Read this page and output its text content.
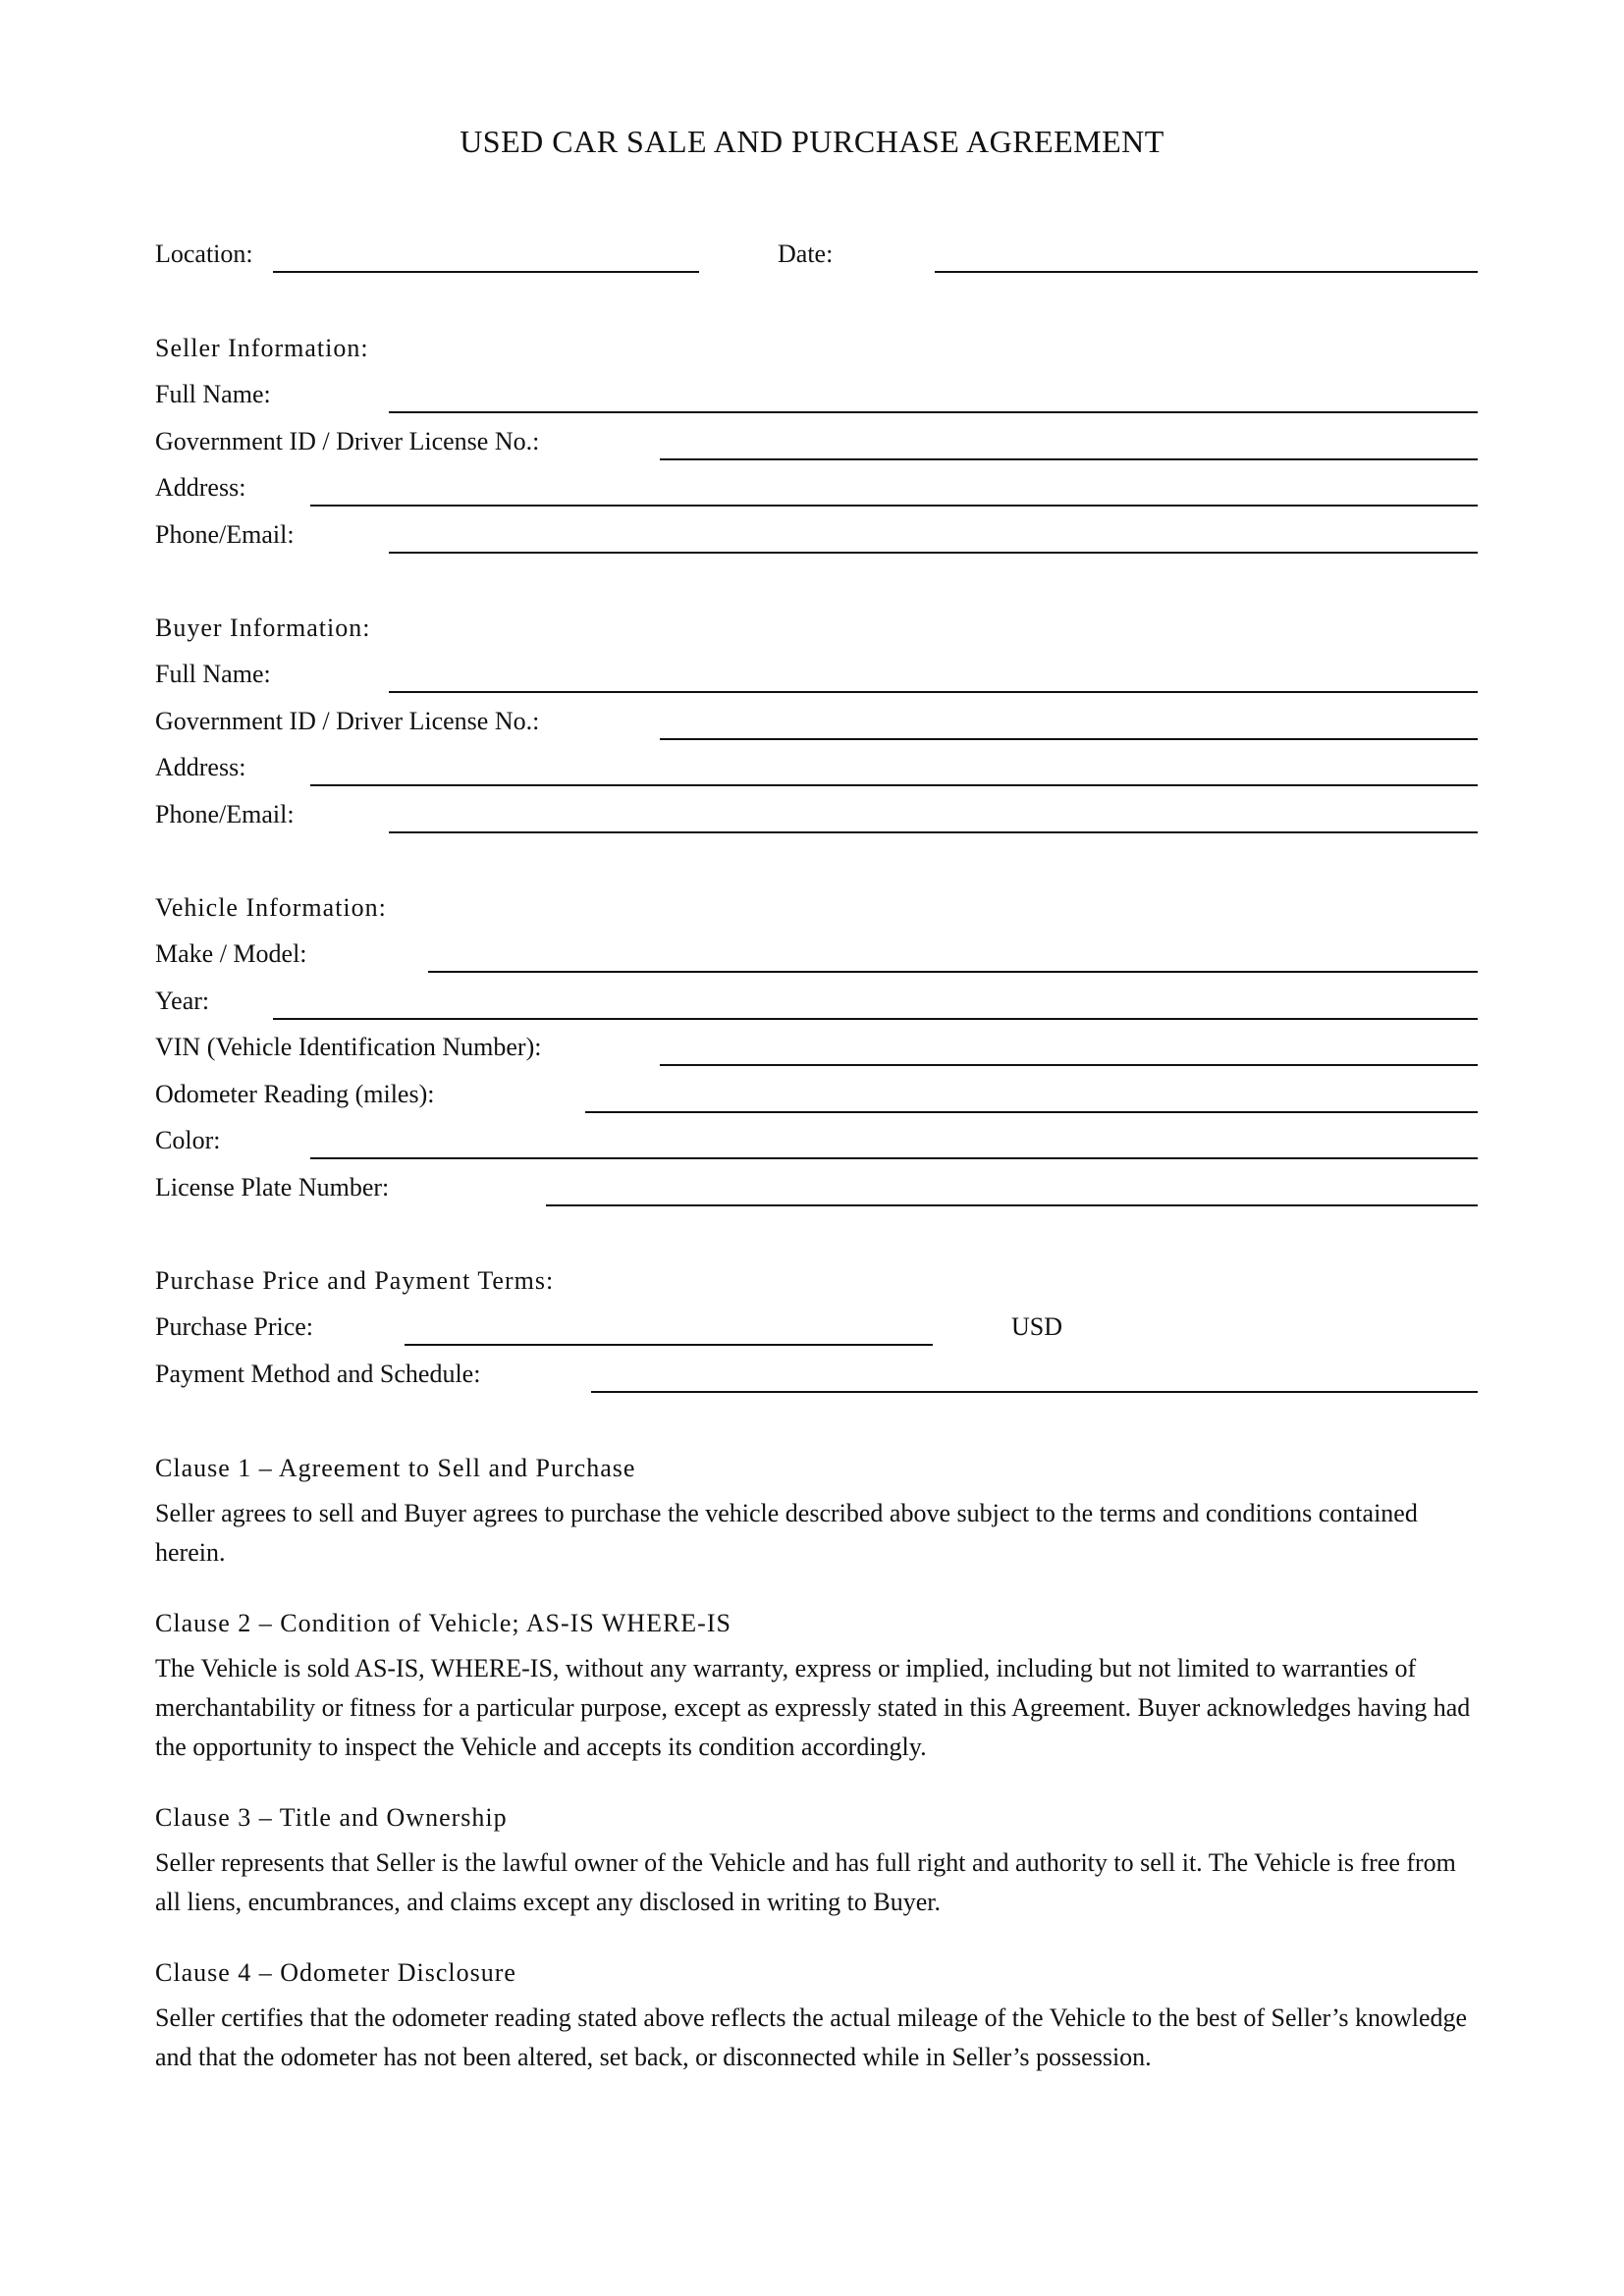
USED CAR SALE AND PURCHASE AGREEMENT
Location:	Date:
Seller Information:
Full Name:
Government ID / Driver License No.:
Address:
Phone/Email:
Buyer Information:
Full Name:
Government ID / Driver License No.:
Address:
Phone/Email:
Vehicle Information:
Make / Model:
Year:
VIN (Vehicle Identification Number):
Odometer Reading (miles):
Color:
License Plate Number:
Purchase Price and Payment Terms:
Purchase Price:	USD
Payment Method and Schedule:
Clause 1 – Agreement to Sell and Purchase
Seller agrees to sell and Buyer agrees to purchase the vehicle described above subject to the terms and conditions contained herein.
Clause 2 – Condition of Vehicle; AS-IS WHERE-IS
The Vehicle is sold AS-IS, WHERE-IS, without any warranty, express or implied, including but not limited to warranties of merchantability or fitness for a particular purpose, except as expressly stated in this Agreement. Buyer acknowledges having had the opportunity to inspect the Vehicle and accepts its condition accordingly.
Clause 3 – Title and Ownership
Seller represents that Seller is the lawful owner of the Vehicle and has full right and authority to sell it. The Vehicle is free from all liens, encumbrances, and claims except any disclosed in writing to Buyer.
Clause 4 – Odometer Disclosure
Seller certifies that the odometer reading stated above reflects the actual mileage of the Vehicle to the best of Seller’s knowledge and that the odometer has not been altered, set back, or disconnected while in Seller’s possession.
